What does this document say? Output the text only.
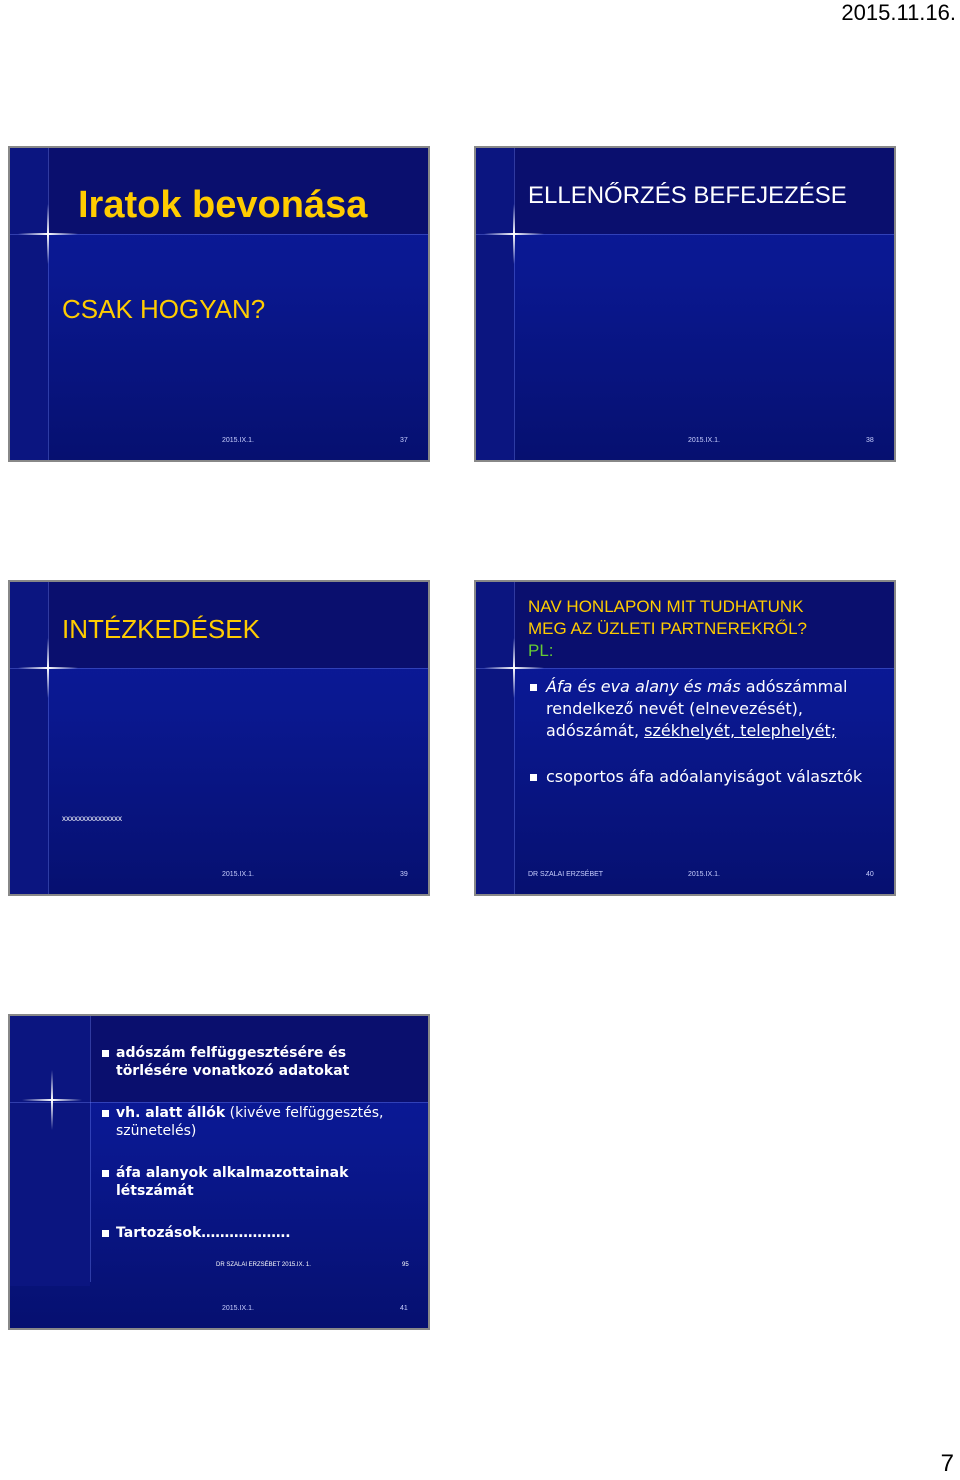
2015.11.16.
Iratok bevonása
CSAK HOGYAN?
2015.IX.1.	37
ELLENŐRZÉS BEFEJEZÉSE
2015.IX.1.	38
INTÉZKEDÉSEK
xxxxxxxxxxxxxxx
2015.IX.1.	39
NAV HONLAPON MIT TUDHATUNK
MEG AZ ÜZLETI PARTNEREKRŐL?
PL:
Áfa és eva alany és más adószámmal rendelkező nevét (elnevezését), adószámát, székhelyét, telephelyét;
csoportos áfa adóalanyiságot választók
DR SZALAI ERZSÉBET	2015.IX.1.	40
adószám felfüggesztésére és törlésére vonatkozó adatokat
vh. alatt állók (kivéve felfüggesztés, szünetelés)
áfa alanyok alkalmazottainak létszámát
Tartozások……………….
DR SZALAI ERZSÉBET 2015.IX. 1.	95
2015.IX.1.	41
7
